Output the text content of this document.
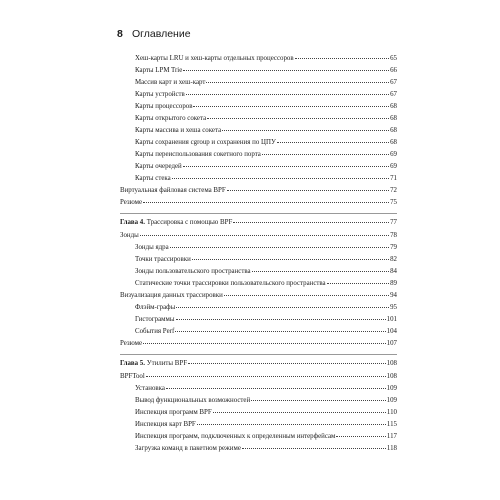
8 Оглавление
Хеш-карты LRU и хеш-карты отдельных процессоров	65
Карты LPM Trie	66
Массив карт и хеш-карт	67
Карты устройств	67
Карты процессоров	68
Карты открытого сокета	68
Карты массива и хеша сокета	68
Карты сохранения cgroup и сохранения по ЦПУ	68
Карты переиспользования сокетного порта	69
Карты очередей	69
Карты стека	71
Виртуальная файловая система BPF	72
Резюме	75
Глава 4. Трассировка с помощью BPF	77
Зонды	78
Зонды ядра	79
Точки трассировки	82
Зонды пользовательского пространства	84
Статические точки трассировки пользовательского пространства	89
Визуализация данных трассировки	94
Флэйм-графы	95
Гистограммы	101
События Perf	104
Резюме	107
Глава 5. Утилиты BPF	108
BPFTool	108
Установка	109
Вывод функциональных возможностей	109
Инспекция программ BPF	110
Инспекция карт BPF	115
Инспекция программ, подключенных к определенным интерфейсам	117
Загрузка команд в пакетном режиме	118
